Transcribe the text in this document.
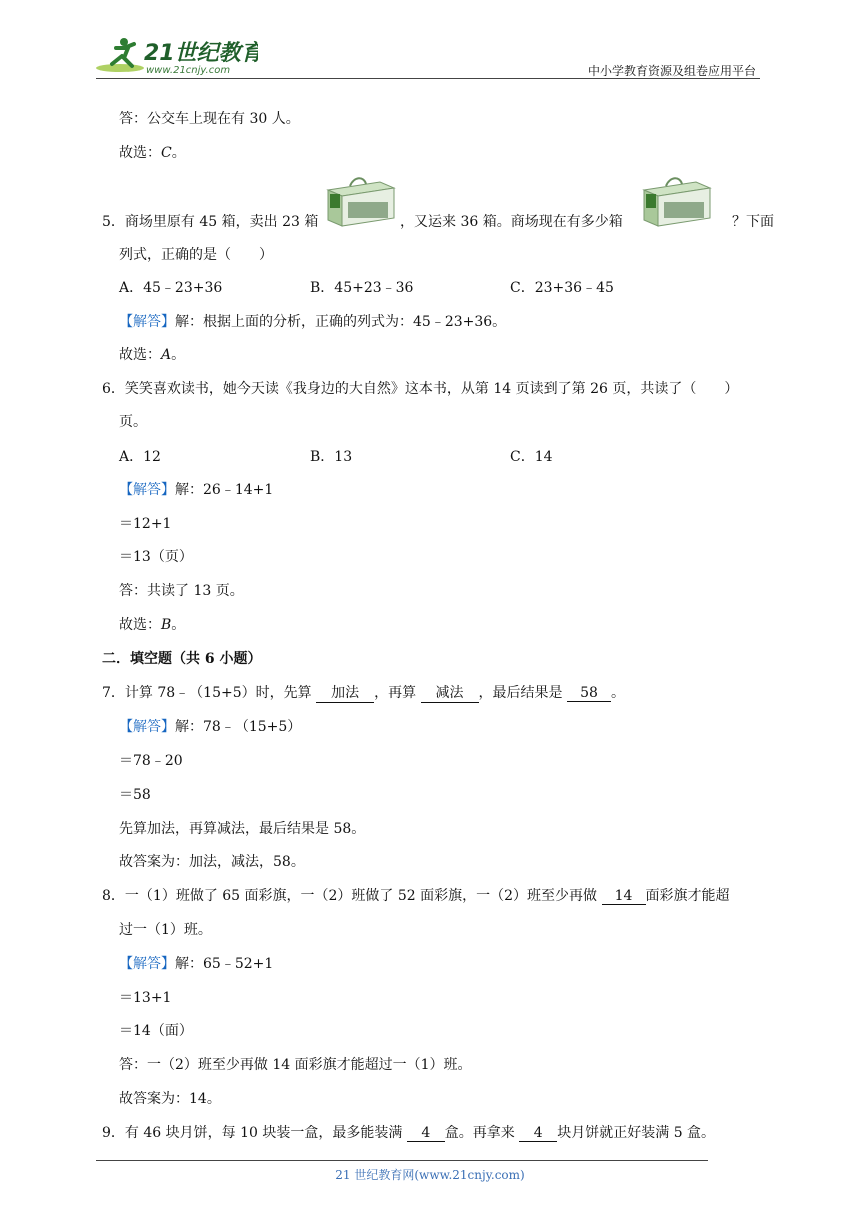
21世纪教育
www.21cnjy.com	中小学教育资源及组卷应用平台
答：公交车上现在有 30 人。
故选：C。
5．商场里原有 45 箱，卖出 23 箱	，又运来 36 箱。商场现在有多少箱	？下面
列式，正确的是（　　）
A．45﹣23+36	B．45+23﹣36	C．23+36﹣45
【解答】解：根据上面的分析，正确的列式为：45﹣23+36。
故选：A。
6．笑笑喜欢读书，她今天读《我身边的大自然》这本书，从第 14 页读到了第 26 页，共读了（　　）
页。
A．12	B．13	C．14
【解答】解：26﹣14+1
＝12+1
＝13（页）
答：共读了 13 页。
故选：B。
二．填空题（共 6 小题）
7．计算 78﹣（15+5）时，先算 加法 ，再算 减法 ，最后结果是 58 。
【解答】解：78﹣（15+5）
＝78﹣20
＝58
先算加法，再算减法，最后结果是 58。
故答案为：加法，减法，58。
8．一（1）班做了 65 面彩旗，一（2）班做了 52 面彩旗，一（2）班至少再做 14 面彩旗才能超
过一（1）班。
【解答】解：65﹣52+1
＝13+1
＝14（面）
答：一（2）班至少再做 14 面彩旗才能超过一（1）班。
故答案为：14。
9．有 46 块月饼，每 10 块装一盒，最多能装满 4 盒。再拿来 4 块月饼就正好装满 5 盒。
21 世纪教育网(www.21cnjy.com)
